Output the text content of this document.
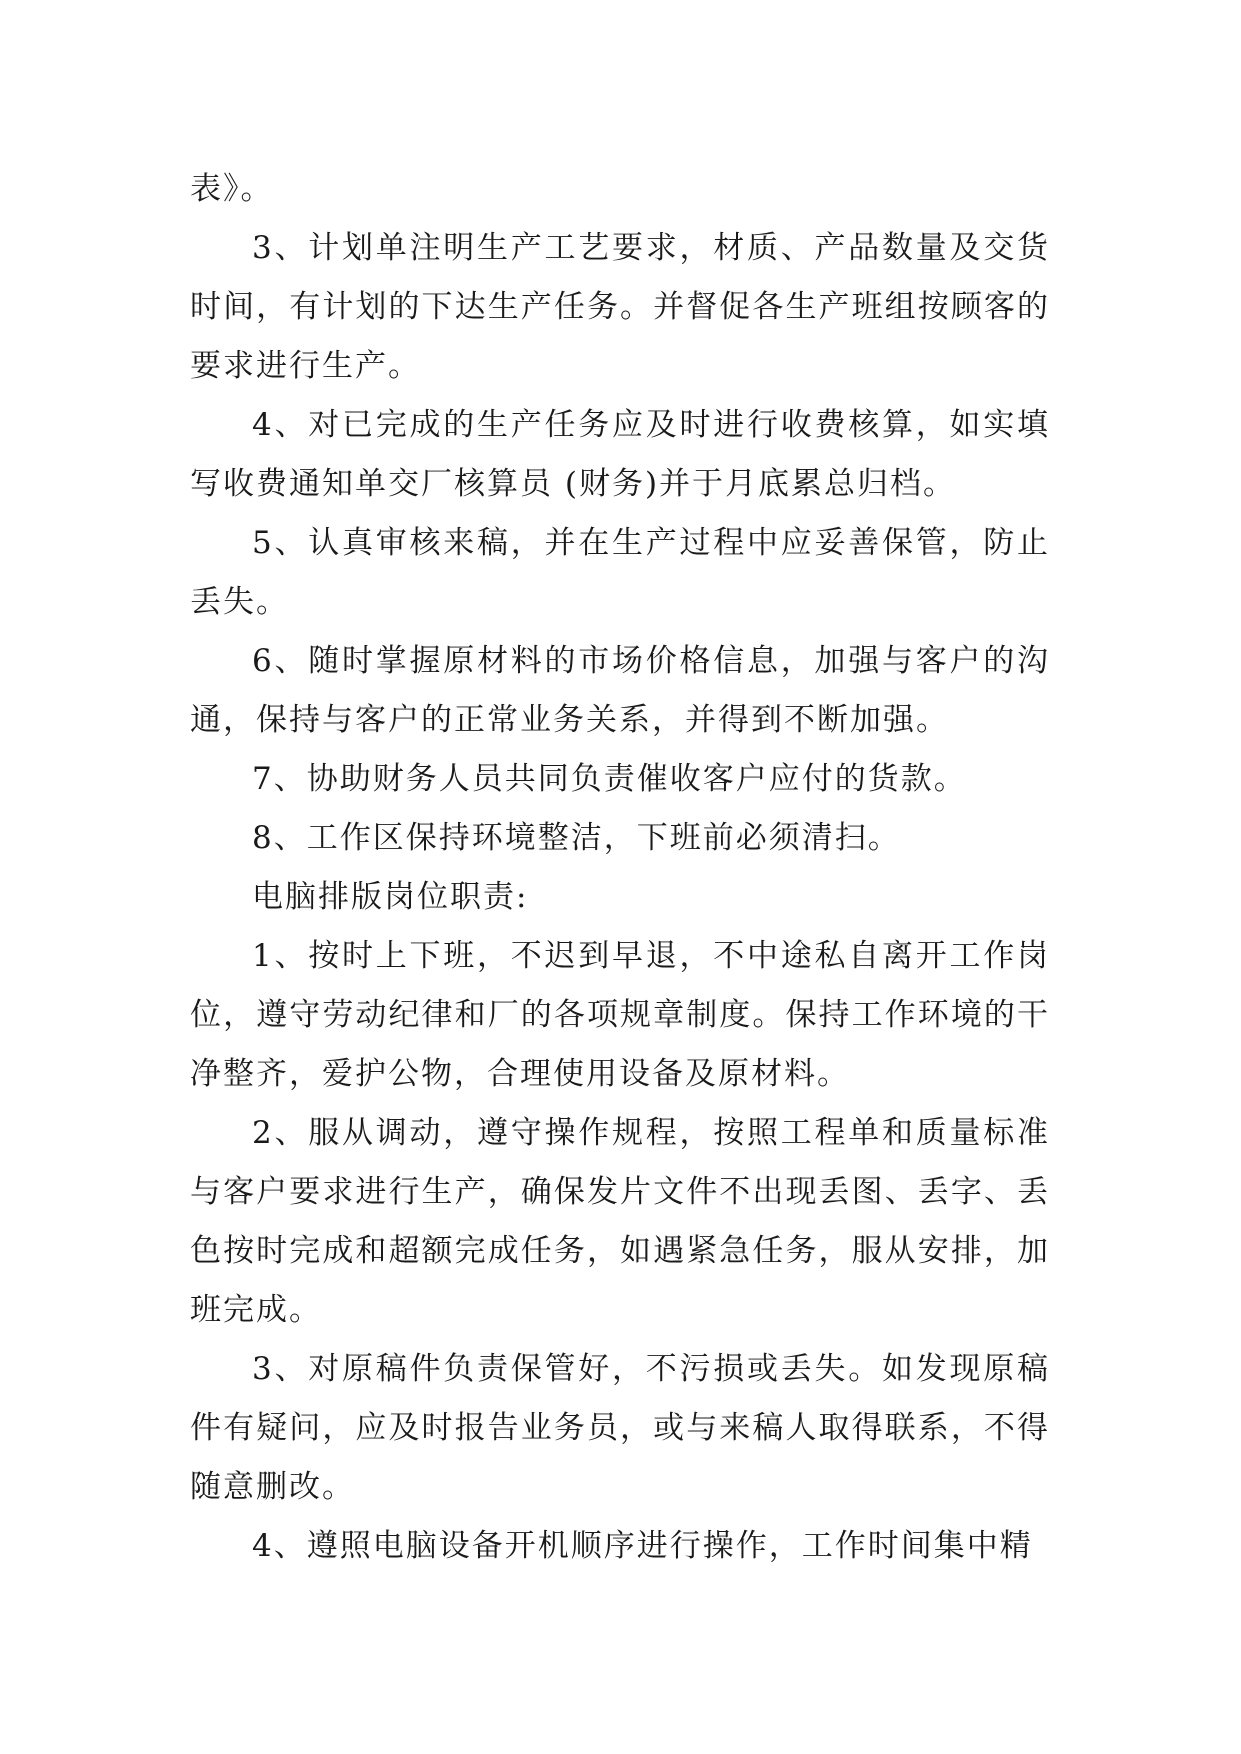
表》。

3、计划单注明生产工艺要求，材质、产品数量及交货时间，有计划的下达生产任务。并督促各生产班组按顾客的要求进行生产。

4、对已完成的生产任务应及时进行收费核算，如实填写收费通知单交厂核算员 (财务)并于月底累总归档。

5、认真审核来稿，并在生产过程中应妥善保管，防止丢失。

6、随时掌握原材料的市场价格信息，加强与客户的沟通，保持与客户的正常业务关系，并得到不断加强。

7、协助财务人员共同负责催收客户应付的货款。

8、工作区保持环境整洁，下班前必须清扫。

电脑排版岗位职责:

1、按时上下班，不迟到早退，不中途私自离开工作岗位，遵守劳动纪律和厂的各项规章制度。保持工作环境的干净整齐，爱护公物，合理使用设备及原材料。

2、服从调动，遵守操作规程，按照工程单和质量标准与客户要求进行生产，确保发片文件不出现丢图、丢字、丢色按时完成和超额完成任务，如遇紧急任务，服从安排，加班完成。

3、对原稿件负责保管好，不污损或丢失。如发现原稿件有疑问，应及时报告业务员，或与来稿人取得联系，不得随意删改。

4、遵照电脑设备开机顺序进行操作，工作时间集中精
